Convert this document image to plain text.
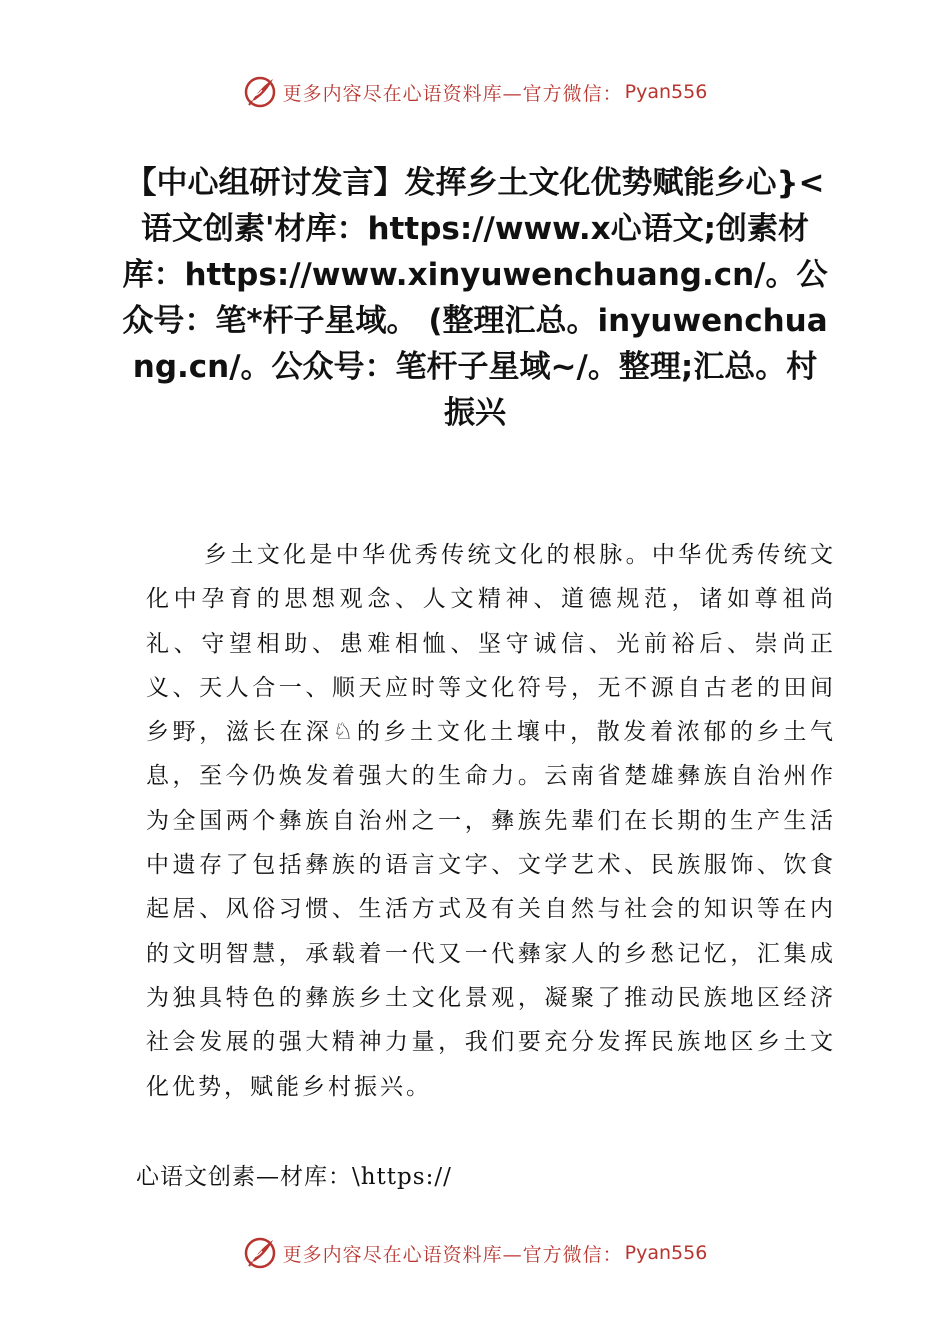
更多内容尽在心语资料库—官方微信： Pyan556
【中心组研讨发言】发挥乡土文化优势赋能乡心}<语文创素'材库：https://www.x心语文;创素材库：https://www.xinyuwenchuang.cn/。公众号：笔*杆子星域。 (整理汇总。inyuwenchuang.cn/。公众号：笔杆子星域~/。整理;汇总。村振兴

乡土文化是中华优秀传统文化的根脉。中华优秀传统文化中孕育的思想观念、人文精神、道德规范，诸如尊祖尚礼、守望相助、患难相恤、坚守诚信、光前裕后、崇尚正义、天人合一、顺天应时等文化符号，无不源自古老的田间乡野，滋长在深♘的乡土文化土壤中，散发着浓郁的乡土气息，至今仍焕发着强大的生命力。云南省楚雄彝族自治州作为全国两个彝族自治州之一，彝族先辈们在长期的生产生活中遗存了包括彝族的语言文字、文学艺术、民族服饰、饮食起居、风俗习惯、生活方式及有关自然与社会的知识等在内的文明智慧，承载着一代又一代彝家人的乡愁记忆，汇集成为独具特色的彝族乡土文化景观，凝聚了推动民族地区经济社会发展的强大精神力量，我们要充分发挥民族地区乡土文化优势，赋能乡村振兴。

心语文创素—材库：\https://

更多内容尽在心语资料库—官方微信： Pyan556
